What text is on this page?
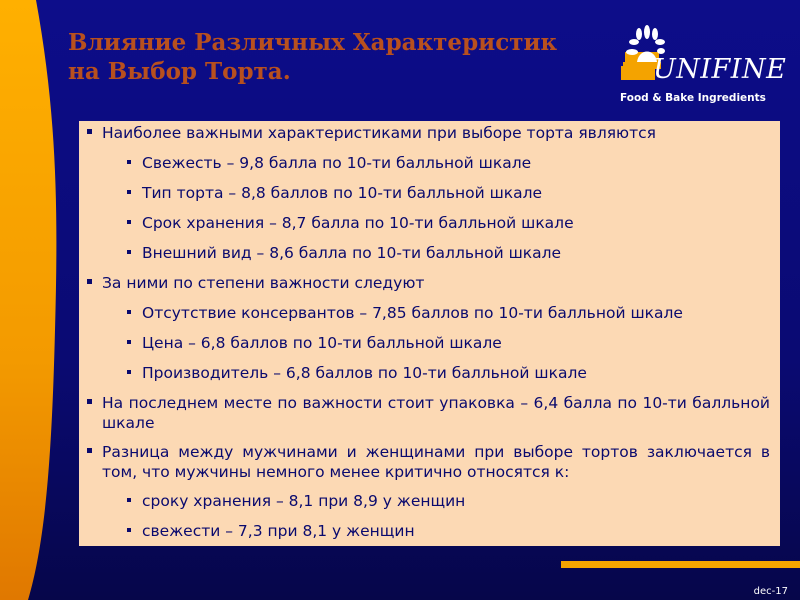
Влияние Различных Характеристик
на Выбор Торта.	UNIFINE
Food & Bake Ingredients
Наиболее важными характеристиками при выборе торта являются
Свежесть – 9,8 балла по 10-ти балльной шкале
Тип торта – 8,8 баллов по 10-ти балльной шкале
Срок хранения – 8,7 балла по 10-ти балльной шкале
Внешний вид – 8,6 балла по 10-ти балльной шкале
За ними по степени важности следуют
Отсутствие консервантов – 7,85 баллов по 10-ти балльной шкале
Цена – 6,8 баллов по 10-ти балльной шкале
Производитель – 6,8 баллов по 10-ти балльной шкале
На последнем месте по важности стоит упаковка – 6,4 балла по 10-ти балльной шкале
Разница между мужчинами и женщинами при выборе тортов заключается в том, что мужчины немного менее критично относятся к:
сроку хранения – 8,1 при 8,9 у женщин
свежести – 7,3 при 8,1 у женщин
dec-17
